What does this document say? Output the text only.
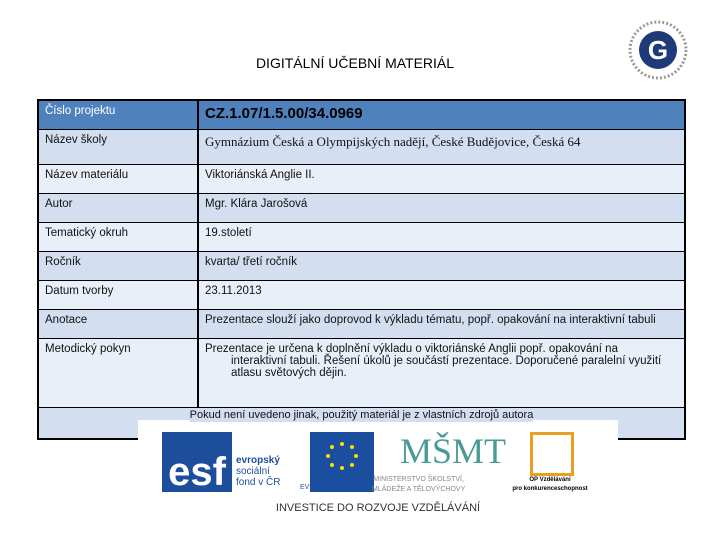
DIGITÁLNÍ UČEBNÍ MATERIÁL	G
Číslo projektu	CZ.1.07/1.5.00/34.0969
Název školy	Gymnázium Česká a Olympijských nadějí, České Budějovice, Česká 64
Název materiálu	Viktoriánská Anglie II.
Autor	Mgr. Klára Jarošová
Tematický okruh	19.století
Ročník	kvarta/ třetí ročník
Datum tvorby	23.11.2013
Anotace	Prezentace slouží jako doprovod k výkladu tématu, popř. opakování na interaktivní tabuli
Metodický pokyn	Prezentace je určena k doplnění výkladu o viktoriánské Anglii popř. opakování na
interaktivní tabuli. Řešení úkolů je součástí prezentace. Doporučené paralelní využití atlasu světových dějin.

Pokud není uvedeno jinak, použitý materiál je z vlastních zdrojů autora	
esf	evropský
sociální
fond v ČR	EVROPSKÁ UNIE
MŠMT
MINISTERSTVO ŠKOLSTVÍ,
MLÁDEŽE A TĚLOVÝCHOVY
OP Vzdělávání
pro konkurenceschopnost
INVESTICE DO ROZVOJE VZDĚLÁVÁNÍ
